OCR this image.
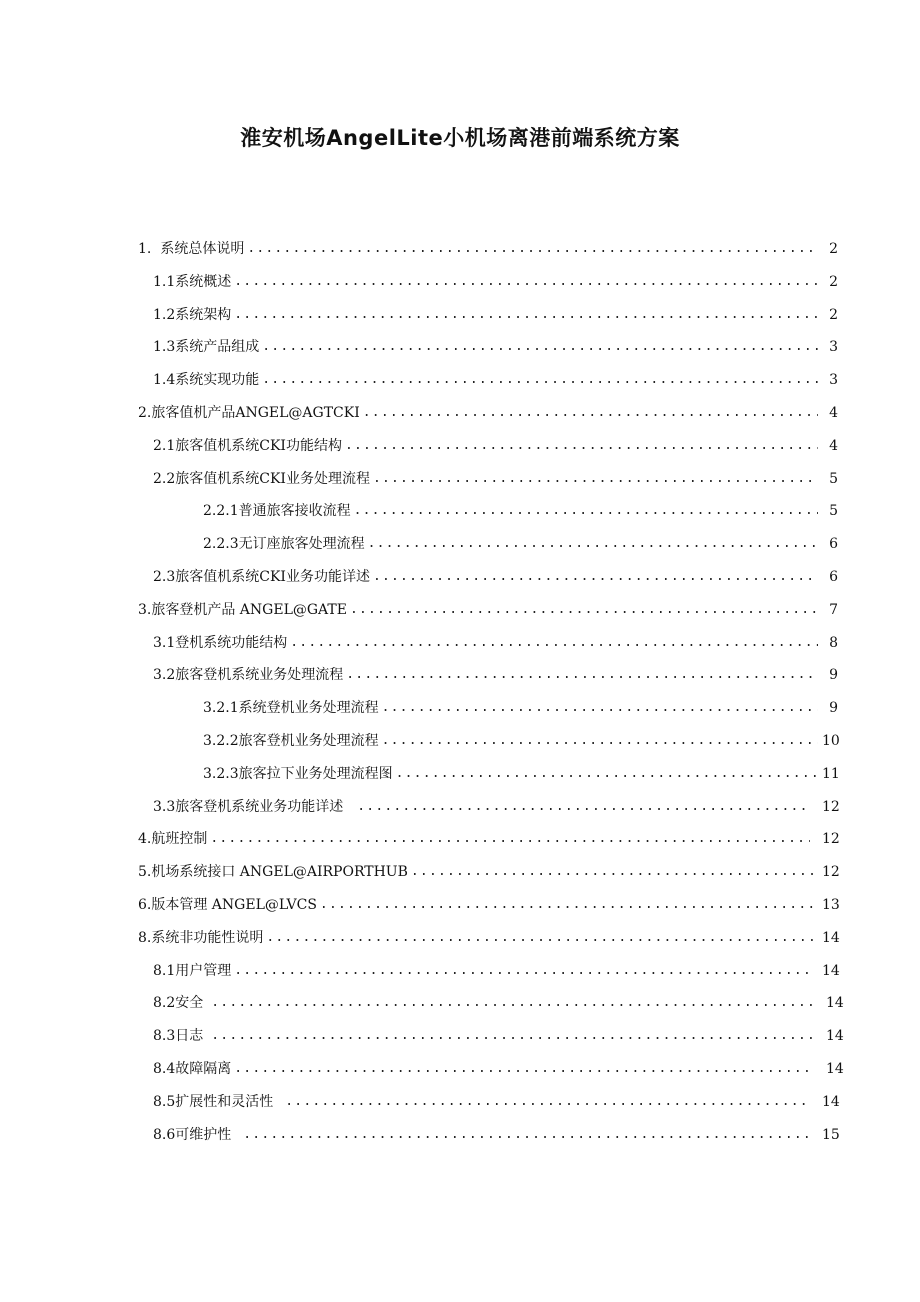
淮安机场AngelLite小机场离港前端系统方案
1. 系统总体说明 .....	2
1.1 系统概述 .....	2
1.2 系统架构 .....	2
1.3 系统产品组成 .....	3
1.4 系统实现功能 .....	3
2. 旅客值机产品ANGEL@AGTCKI .....	4
2.1 旅客值机系统CKI功能结构 .....	4
2.2 旅客值机系统CKI业务处理流程 .....	5
2.2.1 普通旅客接收流程 .....	5
2.2.3 无订座旅客处理流程 .....	6
2.3 旅客值机系统CKI业务功能详述 .....	6
3. 旅客登机产品 ANGEL@GATE .....	7
3.1 登机系统功能结构 .....	8
3.2 旅客登机系统业务处理流程 .....	9
3.2.1 系统登机业务处理流程 .....	9
3.2.2 旅客登机业务处理流程 .....	10
3.2.3 旅客拉下业务处理流程图 .....	11
3.3 旅客登机系统业务功能详述 .....	12
4. 航班控制 .....	12
5. 机场系统接口 ANGEL@AIRPORTHUB .....	12
6. 版本管理 ANGEL@LVCS .....	13
8. 系统非功能性说明 .....	14
8.1 用户管理 .....	14
8.2 安全 .....	14
8.3 日志 .....	14
8.4 故障隔离 .....	14
8.5 扩展性和灵活性 .....	14
8.6 可维护性 .....	15
